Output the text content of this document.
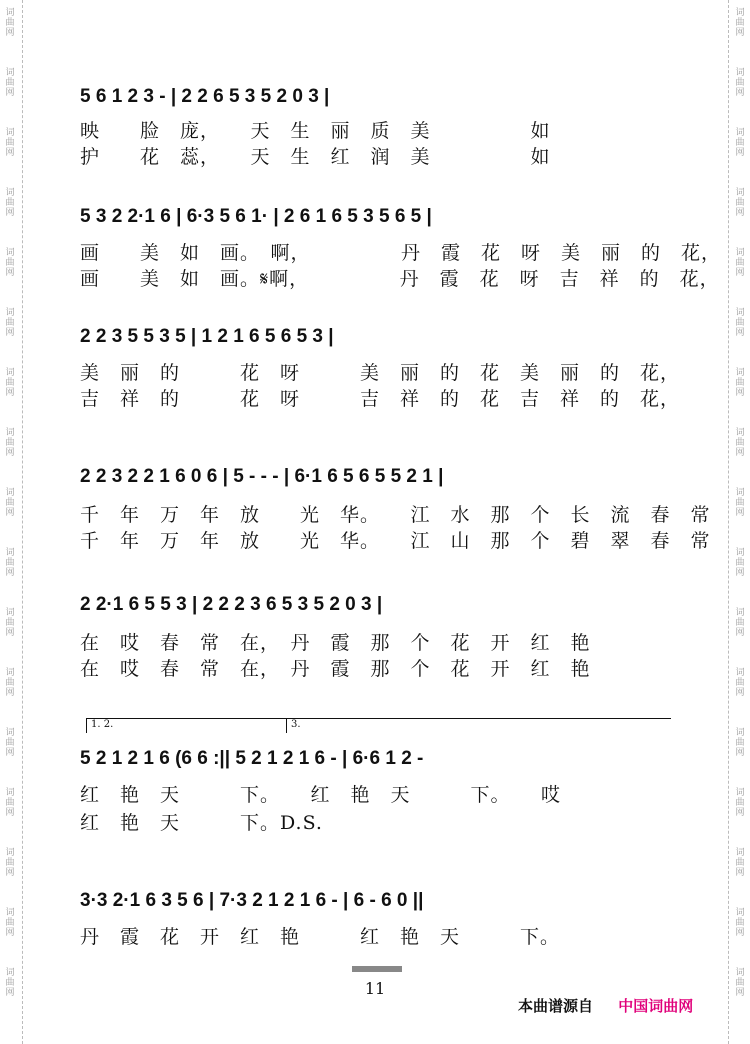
词
曲
网
词
曲
网
词
曲
网
词
曲
网
词
曲
网
词
曲
网
词
曲
网
词
曲
网
词
曲
网
词
曲
网
词
曲
网
词
曲
网
词
曲
网
词
曲
网
词
曲
网
词
曲
网
词
曲
网
词
曲
网
词
曲
网
词
曲
网
词
曲
网
词
曲
网
词
曲
网
词
曲
网
词
曲
网
词
曲
网
词
曲
网
词
曲
网
词
曲
网
词
曲
网
词
曲
网
词
曲
网
词
曲
网
词
曲
网
5 6 1 2 3 - | 2 2 6 5 3 5 2 0 3 |
映　　脸　庞，　　天　生　丽　质　美　　　　　如
护　　花　蕊，　　天　生　红　润　美　　　　　如
5 3 2 2·1 6 | 6·3 5 6 1· | 2 6 1 6 5 3 5 6 5 |
画　　美　如　画。　啊，　　　　　丹　霞　花　呀　美　丽　的　花，
画　　美　如　画。𝄋啊，　　　　　丹　霞　花　呀　吉　祥　的　花，
2 2 3 5 5 3 5 | 1 2 1 6 5 6 5 3 |
美　丽　的　　　花　呀　　　美　丽　的　花　美　丽　的　花，
吉　祥　的　　　花　呀　　　吉　祥　的　花　吉　祥　的　花，
2 2 3 2 2 1 6 0 6 | 5 - - - | 6·1 6 5 6 5 5 2 1 |
千　年　万　年　放　　光　华。　　江　水　那　个　长　流　春　常
千　年　万　年　放　　光　华。　　江　山　那　个　碧　翠　春　常
2 2·1 6 5 5 3 | 2 2 2 3 6 5 3 5 2 0 3 |
在　哎　春　常　在，　丹　霞　那　个　花　开　红　艳
在　哎　春　常　在，　丹　霞　那　个　花　开　红　艳
1. 2.	3.
5 2 1 2 1 6 (6 6 :|| 5 2 1 2 1 6 - | 6·6 1 2 -
红　艳　天　　　下。　　红　艳　天　　　下。　　哎
红　艳　天　　　下。D.S.
3·3 2·1 6 3 5 6 | 7·3 2 1 2 1 6 - | 6 - 6 0 ||
丹　霞　花　开　红　艳　　　红　艳　天　　　下。
11
本曲谱源自 中国词曲网
